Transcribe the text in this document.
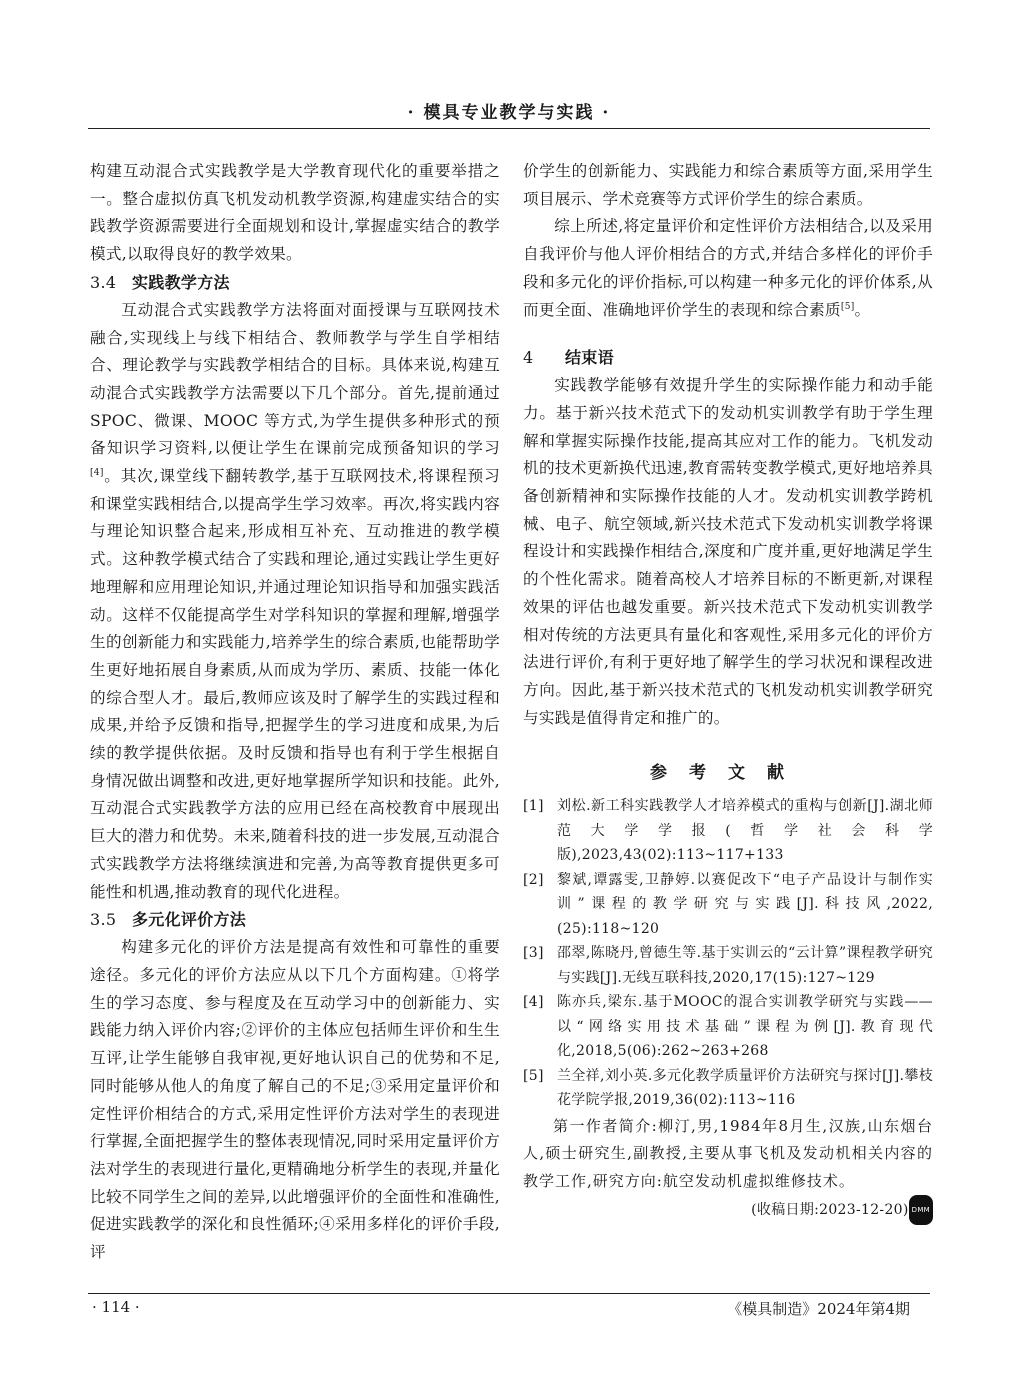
· 模具专业教学与实践 ·

构建互动混合式实践教学是大学教育现代化的重要举措之一。整合虚拟仿真飞机发动机教学资源,构建虚实结合的实践教学资源需要进行全面规划和设计,掌握虚实结合的教学模式,以取得良好的教学效果。

3.4 实践教学方法

互动混合式实践教学方法将面对面授课与互联网技术融合,实现线上与线下相结合、教师教学与学生自学相结合、理论教学与实践教学相结合的目标。具体来说,构建互动混合式实践教学方法需要以下几个部分。首先,提前通过 SPOC、微课、MOOC 等方式,为学生提供多种形式的预备知识学习资料,以便让学生在课前完成预备知识的学习[4]。其次,课堂线下翻转教学,基于互联网技术,将课程预习和课堂实践相结合,以提高学生学习效率。再次,将实践内容与理论知识整合起来,形成相互补充、互动推进的教学模式。这种教学模式结合了实践和理论,通过实践让学生更好地理解和应用理论知识,并通过理论知识指导和加强实践活动。这样不仅能提高学生对学科知识的掌握和理解,增强学生的创新能力和实践能力,培养学生的综合素质,也能帮助学生更好地拓展自身素质,从而成为学历、素质、技能一体化的综合型人才。最后,教师应该及时了解学生的实践过程和成果,并给予反馈和指导,把握学生的学习进度和成果,为后续的教学提供依据。及时反馈和指导也有利于学生根据自身情况做出调整和改进,更好地掌握所学知识和技能。此外,互动混合式实践教学方法的应用已经在高校教育中展现出巨大的潜力和优势。未来,随着科技的进一步发展,互动混合式实践教学方法将继续演进和完善,为高等教育提供更多可能性和机遇,推动教育的现代化进程。

3.5 多元化评价方法

构建多元化的评价方法是提高有效性和可靠性的重要途径。多元化的评价方法应从以下几个方面构建。①将学生的学习态度、参与程度及在互动学习中的创新能力、实践能力纳入评价内容;②评价的主体应包括师生评价和生生互评,让学生能够自我审视,更好地认识自己的优势和不足,同时能够从他人的角度了解自己的不足;③采用定量评价和定性评价相结合的方式,采用定性评价方法对学生的表现进行掌握,全面把握学生的整体表现情况,同时采用定量评价方法对学生的表现进行量化,更精确地分析学生的表现,并量化比较不同学生之间的差异,以此增强评价的全面性和准确性,促进实践教学的深化和良性循环;④采用多样化的评价手段,评

价学生的创新能力、实践能力和综合素质等方面,采用学生项目展示、学术竞赛等方式评价学生的综合素质。

综上所述,将定量评价和定性评价方法相结合,以及采用自我评价与他人评价相结合的方式,并结合多样化的评价手段和多元化的评价指标,可以构建一种多元化的评价体系,从而更全面、准确地评价学生的表现和综合素质[5]。

4 结束语

实践教学能够有效提升学生的实际操作能力和动手能力。基于新兴技术范式下的发动机实训教学有助于学生理解和掌握实际操作技能,提高其应对工作的能力。飞机发动机的技术更新换代迅速,教育需转变教学模式,更好地培养具备创新精神和实际操作技能的人才。发动机实训教学跨机械、电子、航空领域,新兴技术范式下发动机实训教学将课程设计和实践操作相结合,深度和广度并重,更好地满足学生的个性化需求。随着高校人才培养目标的不断更新,对课程效果的评估也越发重要。新兴技术范式下发动机实训教学相对传统的方法更具有量化和客观性,采用多元化的评价方法进行评价,有利于更好地了解学生的学习状况和课程改进方向。因此,基于新兴技术范式的飞机发动机实训教学研究与实践是值得肯定和推广的。

参考文献
[1] 刘松.新工科实践教学人才培养模式的重构与创新[J].湖北师范大学学报(哲学社会科学版),2023,43(02):113~117+133
[2] 黎斌,谭露雯,卫静婷.以赛促改下“电子产品设计与制作实训”课程的教学研究与实践[J].科技风,2022,(25):118~120
[3] 邵翠,陈晓丹,曾德生等.基于实训云的“云计算”课程教学研究与实践[J].无线互联科技,2020,17(15):127~129
[4] 陈亦兵,梁东.基于MOOC的混合实训教学研究与实践——以“网络实用技术基础”课程为例[J].教育现代化,2018,5(06):262~263+268
[5] 兰全祥,刘小英.多元化教学质量评价方法研究与探讨[J].攀枝花学院学报,2019,36(02):113~116

第一作者简介:柳汀,男,1984年8月生,汉族,山东烟台人,硕士研究生,副教授,主要从事飞机及发动机相关内容的教学工作,研究方向:航空发动机虚拟维修技术。

(收稿日期:2023-12-20) DMM
· 114 ·	《模具制造》2024年第4期
